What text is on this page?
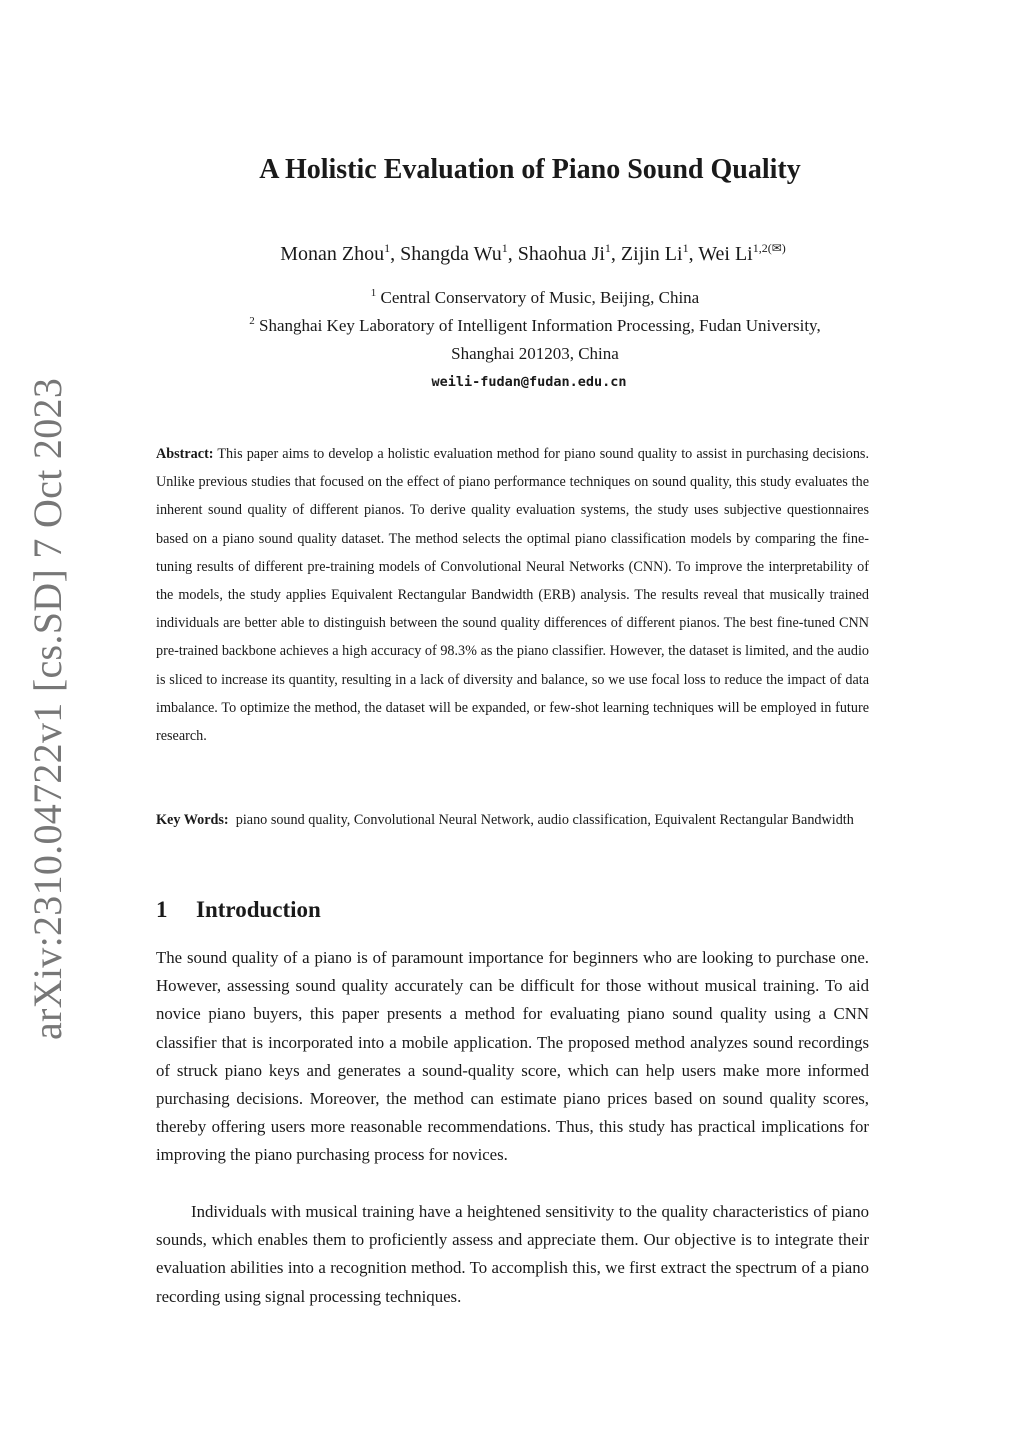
arXiv:2310.04722v1 [cs.SD] 7 Oct 2023
A Holistic Evaluation of Piano Sound Quality
Monan Zhou$^1$, Shangda Wu$^1$, Shaohua Ji$^1$, Zijin Li$^1$, Wei $Li^{1,2(✉)}$
$^1$ Central Conservatory of Music, Beijing, China
$^2$ Shanghai Key Laboratory of Intelligent Information Processing, Fudan University,
Shanghai 201203, China
weili-fudan@fudan.edu.cn

Abstract: This paper aims to develop a holistic evaluation method for piano sound quality to assist in purchasing decisions. Unlike previous studies that focused on the effect of piano performance techniques on sound quality, this study evaluates the inherent sound quality of different pianos. To derive quality evaluation systems, the study uses subjective questionnaires based on a piano sound quality dataset. The method selects the optimal piano classification models by comparing the fine-tuning results of different pre-training models of Convolutional Neural Networks (CNN). To improve the interpretability of the models, the study applies Equivalent Rectangular Bandwidth (ERB) analysis. The results reveal that musically trained individuals are better able to distinguish between the sound quality differences of different pianos. The best fine-tuned CNN pre-trained backbone achieves a high accuracy of 98.3% as the piano classifier. However, the dataset is limited, and the audio is sliced to increase its quantity, resulting in a lack of diversity and balance, so we use focal loss to reduce the impact of data imbalance. To optimize the method, the dataset will be expanded, or few-shot learning techniques will be employed in future research.

Key Words: piano sound quality, Convolutional Neural Network, audio classification, Equivalent Rectangular Bandwidth

1 Introduction

The sound quality of a piano is of paramount importance for beginners who are looking to purchase one. However, assessing sound quality accurately can be difficult for those without musical training. To aid novice piano buyers, this paper presents a method for evaluating piano sound quality using a CNN classifier that is incorporated into a mobile application. The proposed method analyzes sound recordings of struck piano keys and generates a sound-quality score, which can help users make more informed purchasing decisions. Moreover, the method can estimate piano prices based on sound quality scores, thereby offering users more reasonable recommendations. Thus, this study has practical implications for improving the piano purchasing process for novices.

Individuals with musical training have a heightened sensitivity to the quality characteristics of piano sounds, which enables them to proficiently assess and appreciate them. Our objective is to integrate their evaluation abilities into a recognition method. To accomplish this, we first extract the spectrum of a piano recording using signal processing techniques.
